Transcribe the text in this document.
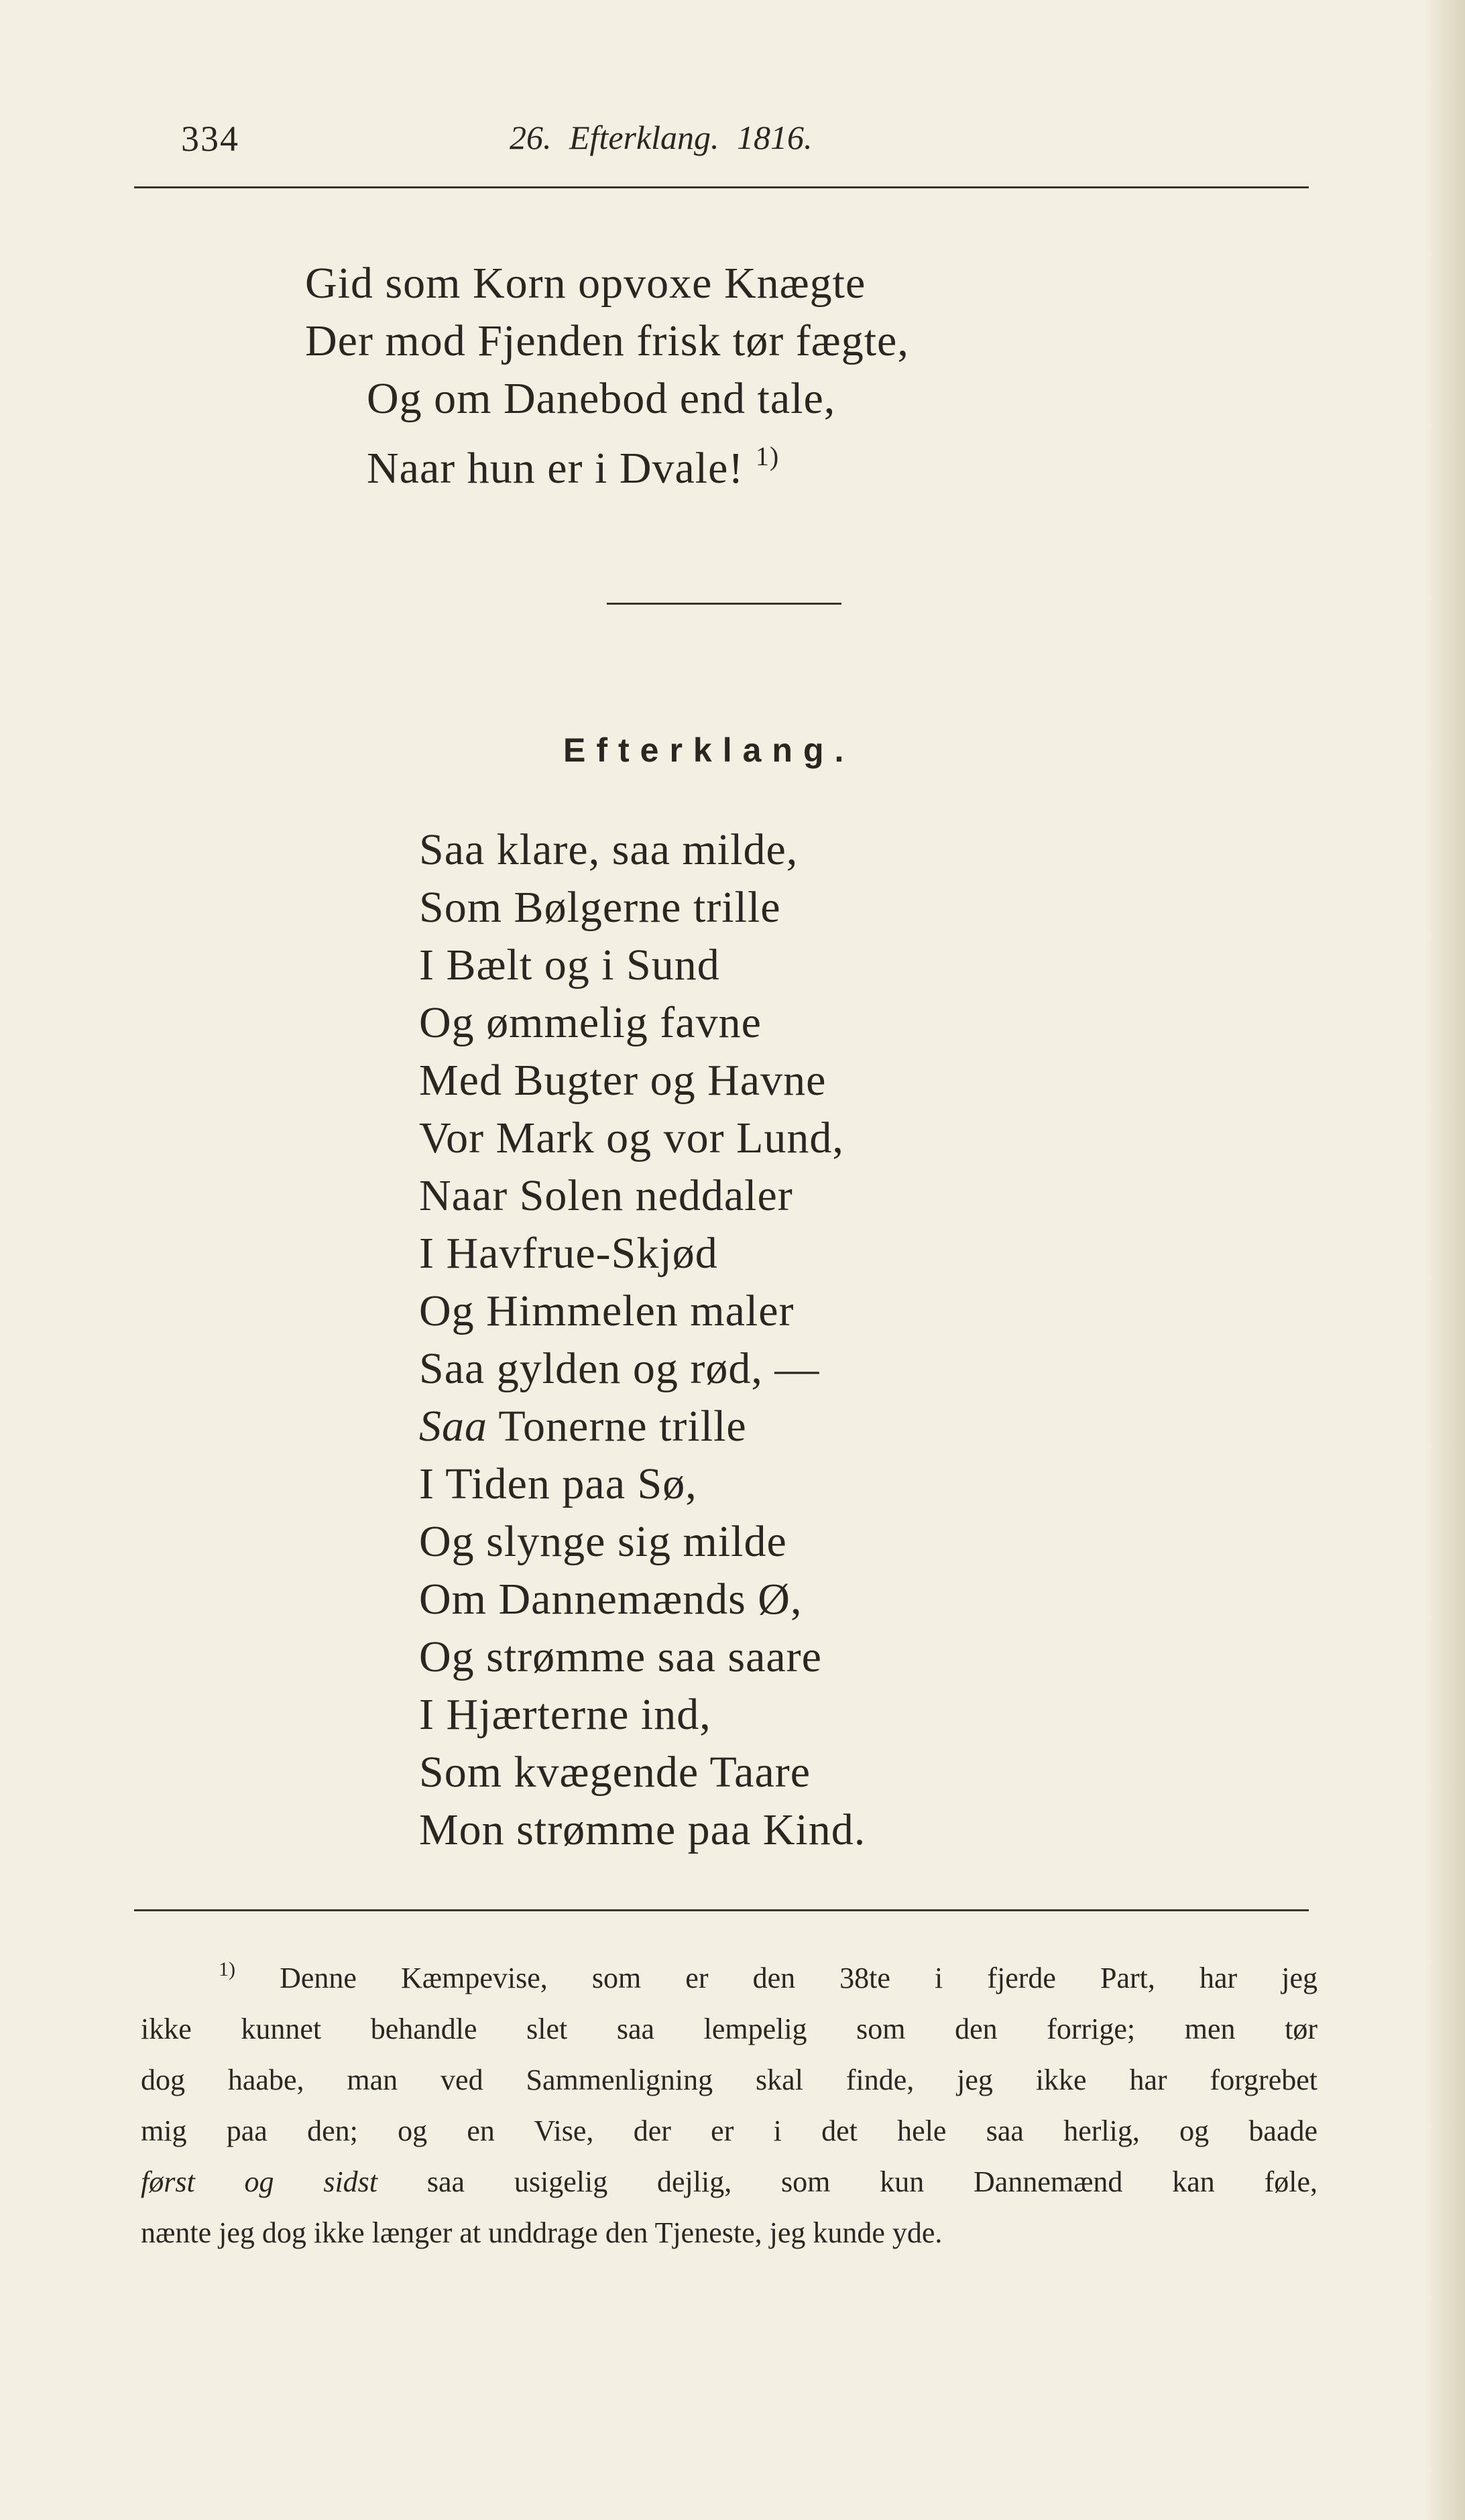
334	26. Efterklang. 1816.
Gid som Korn opvoxe Knægte
Der mod Fjenden frisk tør fægte,
Og om Danebod end tale,
Naar hun er i Dvale! $^{1)}$
Efterklang.
Saa klare, saa milde,
Som Bølgerne trille
I Bælt og i Sund
Og ømmelig favne
Med Bugter og Havne
Vor Mark og vor Lund,
Naar Solen neddaler
I Havfrue-Skjød
Og Himmelen maler
Saa gylden og rød, —
Saa Tonerne trille
I Tiden paa Sø,
Og slynge sig milde
Om Dannemænds Ø,
Og strømme saa saare
I Hjærterne ind,
Som kvægende Taare
Mon strømme paa Kind.

$^{1)}$ Denne Kæmpevise, som er den 38te i fjerde Part, har jeg

ikke kunnet behandle slet saa lempelig som den forrige; men tør

dog haabe, man ved Sammenligning skal finde, jeg ikke har forgrebet

mig paa den; og en Vise, der er i det hele saa herlig, og baade

først og sidst saa usigelig dejlig, som kun Dannemænd kan føle,

nænte jeg dog ikke længer at unddrage den Tjeneste, jeg kunde yde.
